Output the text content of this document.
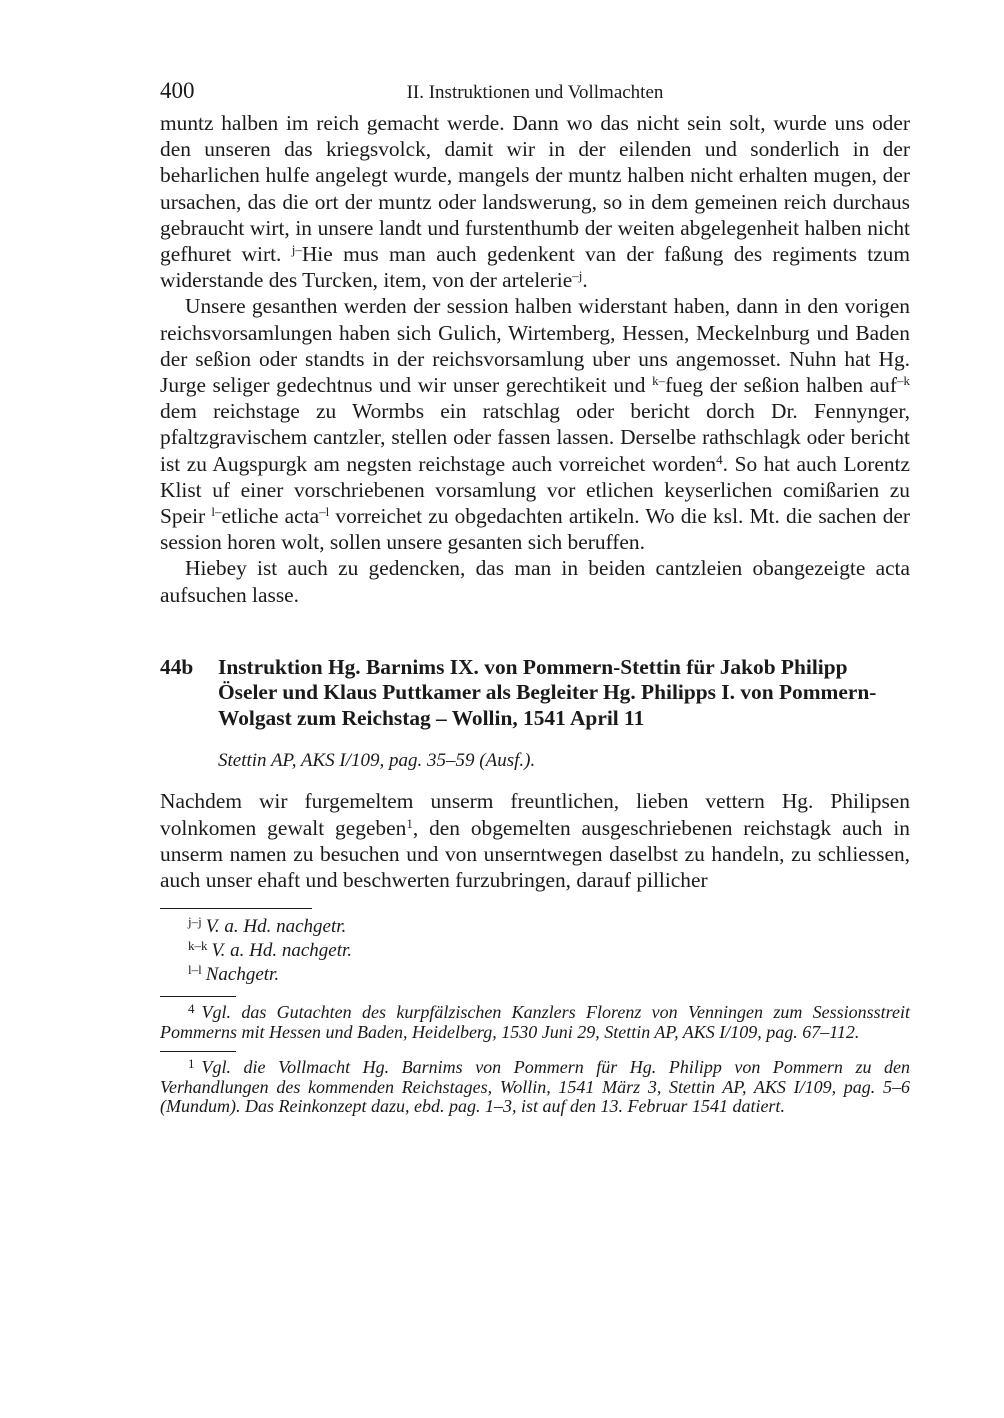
400	II. Instruktionen und Vollmachten

muntz halben im reich gemacht werde. Dann wo das nicht sein solt, wurde uns oder den unseren das kriegsvolck, damit wir in der eilenden und sonderlich in der beharlichen hulfe angelegt wurde, mangels der muntz halben nicht erhalten mugen, der ursachen, das die ort der muntz oder landswerung, so in dem gemeinen reich durchaus gebraucht wirt, in unsere landt und furstenthumb der weiten abgelegenheit halben nicht gefhuret wirt. $^{j-}$Hie mus man auch gedenkent van der faßung des regiments tzum widerstande des Turcken, item, von der artelerie$^{-j}$.

Unsere gesanthen werden der session halben widerstant haben, dann in den vorigen reichsvorsamlungen haben sich Gulich, Wirtemberg, Hessen, Meckelnburg und Baden der seßion oder standts in der reichsvorsamlung uber uns angemosset. Nuhn hat Hg. Jurge seliger gedechtnus und wir unser gerechtikeit und $^{k-}$fueg der seßion halben auf$^{-k}$ dem reichstage zu Wormbs ein ratschlag oder bericht dorch Dr. Fennynger, pfaltzgravischem cantzler, stellen oder fassen lassen. Derselbe rathschlagk oder bericht ist zu Augspurgk am negsten reichstage auch vorreichet worden$^4$. So hat auch Lorentz Klist uf einer vorschriebenen vorsamlung vor etlichen keyserlichen comißarien zu Speir $^{l-}$etliche acta$^{-l}$ vorreichet zu obgedachten artikeln. Wo die ksl. Mt. die sachen der session horen wolt, sollen unsere gesanten sich beruffen.

Hiebey ist auch zu gedencken, das man in beiden cantzleien obangezeigte acta aufsuchen lasse.

44b Instruktion Hg. Barnims IX. von Pommern-Stettin für Jakob Philipp Öseler und Klaus Puttkamer als Begleiter Hg. Philipps I. von Pommern-Wolgast zum Reichstag – Wollin, 1541 April 11
Stettin AP, AKS I/109, pag. 35–59 (Ausf.).

Nachdem wir furgemeltem unserm freuntlichen, lieben vettern Hg. Philipsen volnkomen gewalt gegeben$^1$, den obgemelten ausgeschriebenen reichstagk auch in unserm namen zu besuchen und von unserntwegen daselbst zu handeln, zu schliessen, auch unser ehaft und beschwerten furzubringen, darauf pillicher

$^{j-j}$ V. a. Hd. nachgetr.
$^{k-k}$ V. a. Hd. nachgetr.
$^{l-l}$ Nachgetr.

$^4$ Vgl. das Gutachten des kurpfälzischen Kanzlers Florenz von Venningen zum Sessionsstreit Pommerns mit Hessen und Baden, Heidelberg, 1530 Juni 29, Stettin AP, AKS I/109, pag. 67–112.

$^1$ Vgl. die Vollmacht Hg. Barnims von Pommern für Hg. Philipp von Pommern zu den Verhandlungen des kommenden Reichstages, Wollin, 1541 März 3, Stettin AP, AKS I/109, pag. 5–6 (Mundum). Das Reinkonzept dazu, ebd. pag. 1–3, ist auf den 13. Februar 1541 datiert.
